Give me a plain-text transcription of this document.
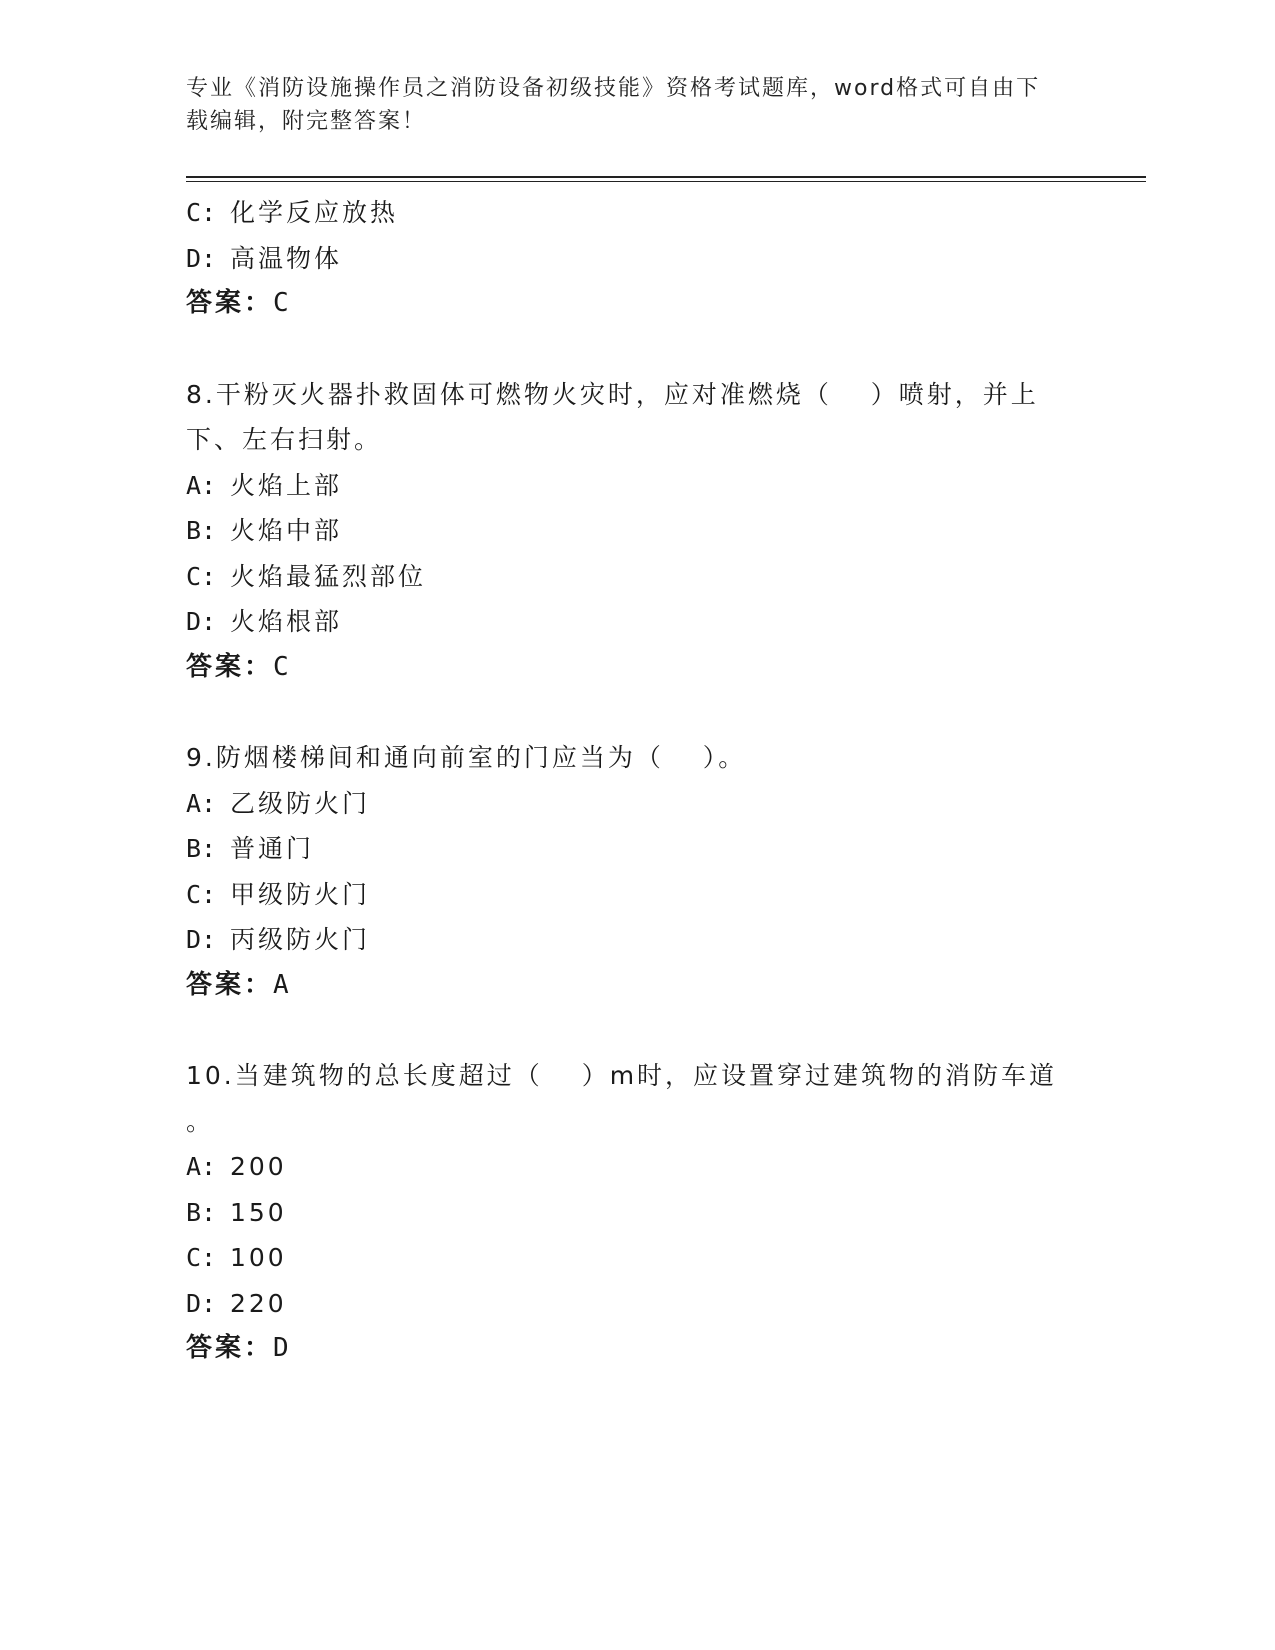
专业《消防设施操作员之消防设备初级技能》资格考试题库，word格式可自由下
载编辑，附完整答案！
C: 化学反应放热
D: 高温物体
答案：C
8.干粉灭火器扑救固体可燃物火灾时，应对准燃烧（　 ）喷射，并上
下、左右扫射。
A: 火焰上部
B: 火焰中部
C: 火焰最猛烈部位
D: 火焰根部
答案：C
9.防烟楼梯间和通向前室的门应当为（　 ）。
A: 乙级防火门
B: 普通门
C: 甲级防火门
D: 丙级防火门
答案：A
10.当建筑物的总长度超过（　 ）m时，应设置穿过建筑物的消防车道
。
A: 200
B: 150
C: 100
D: 220
答案：D
